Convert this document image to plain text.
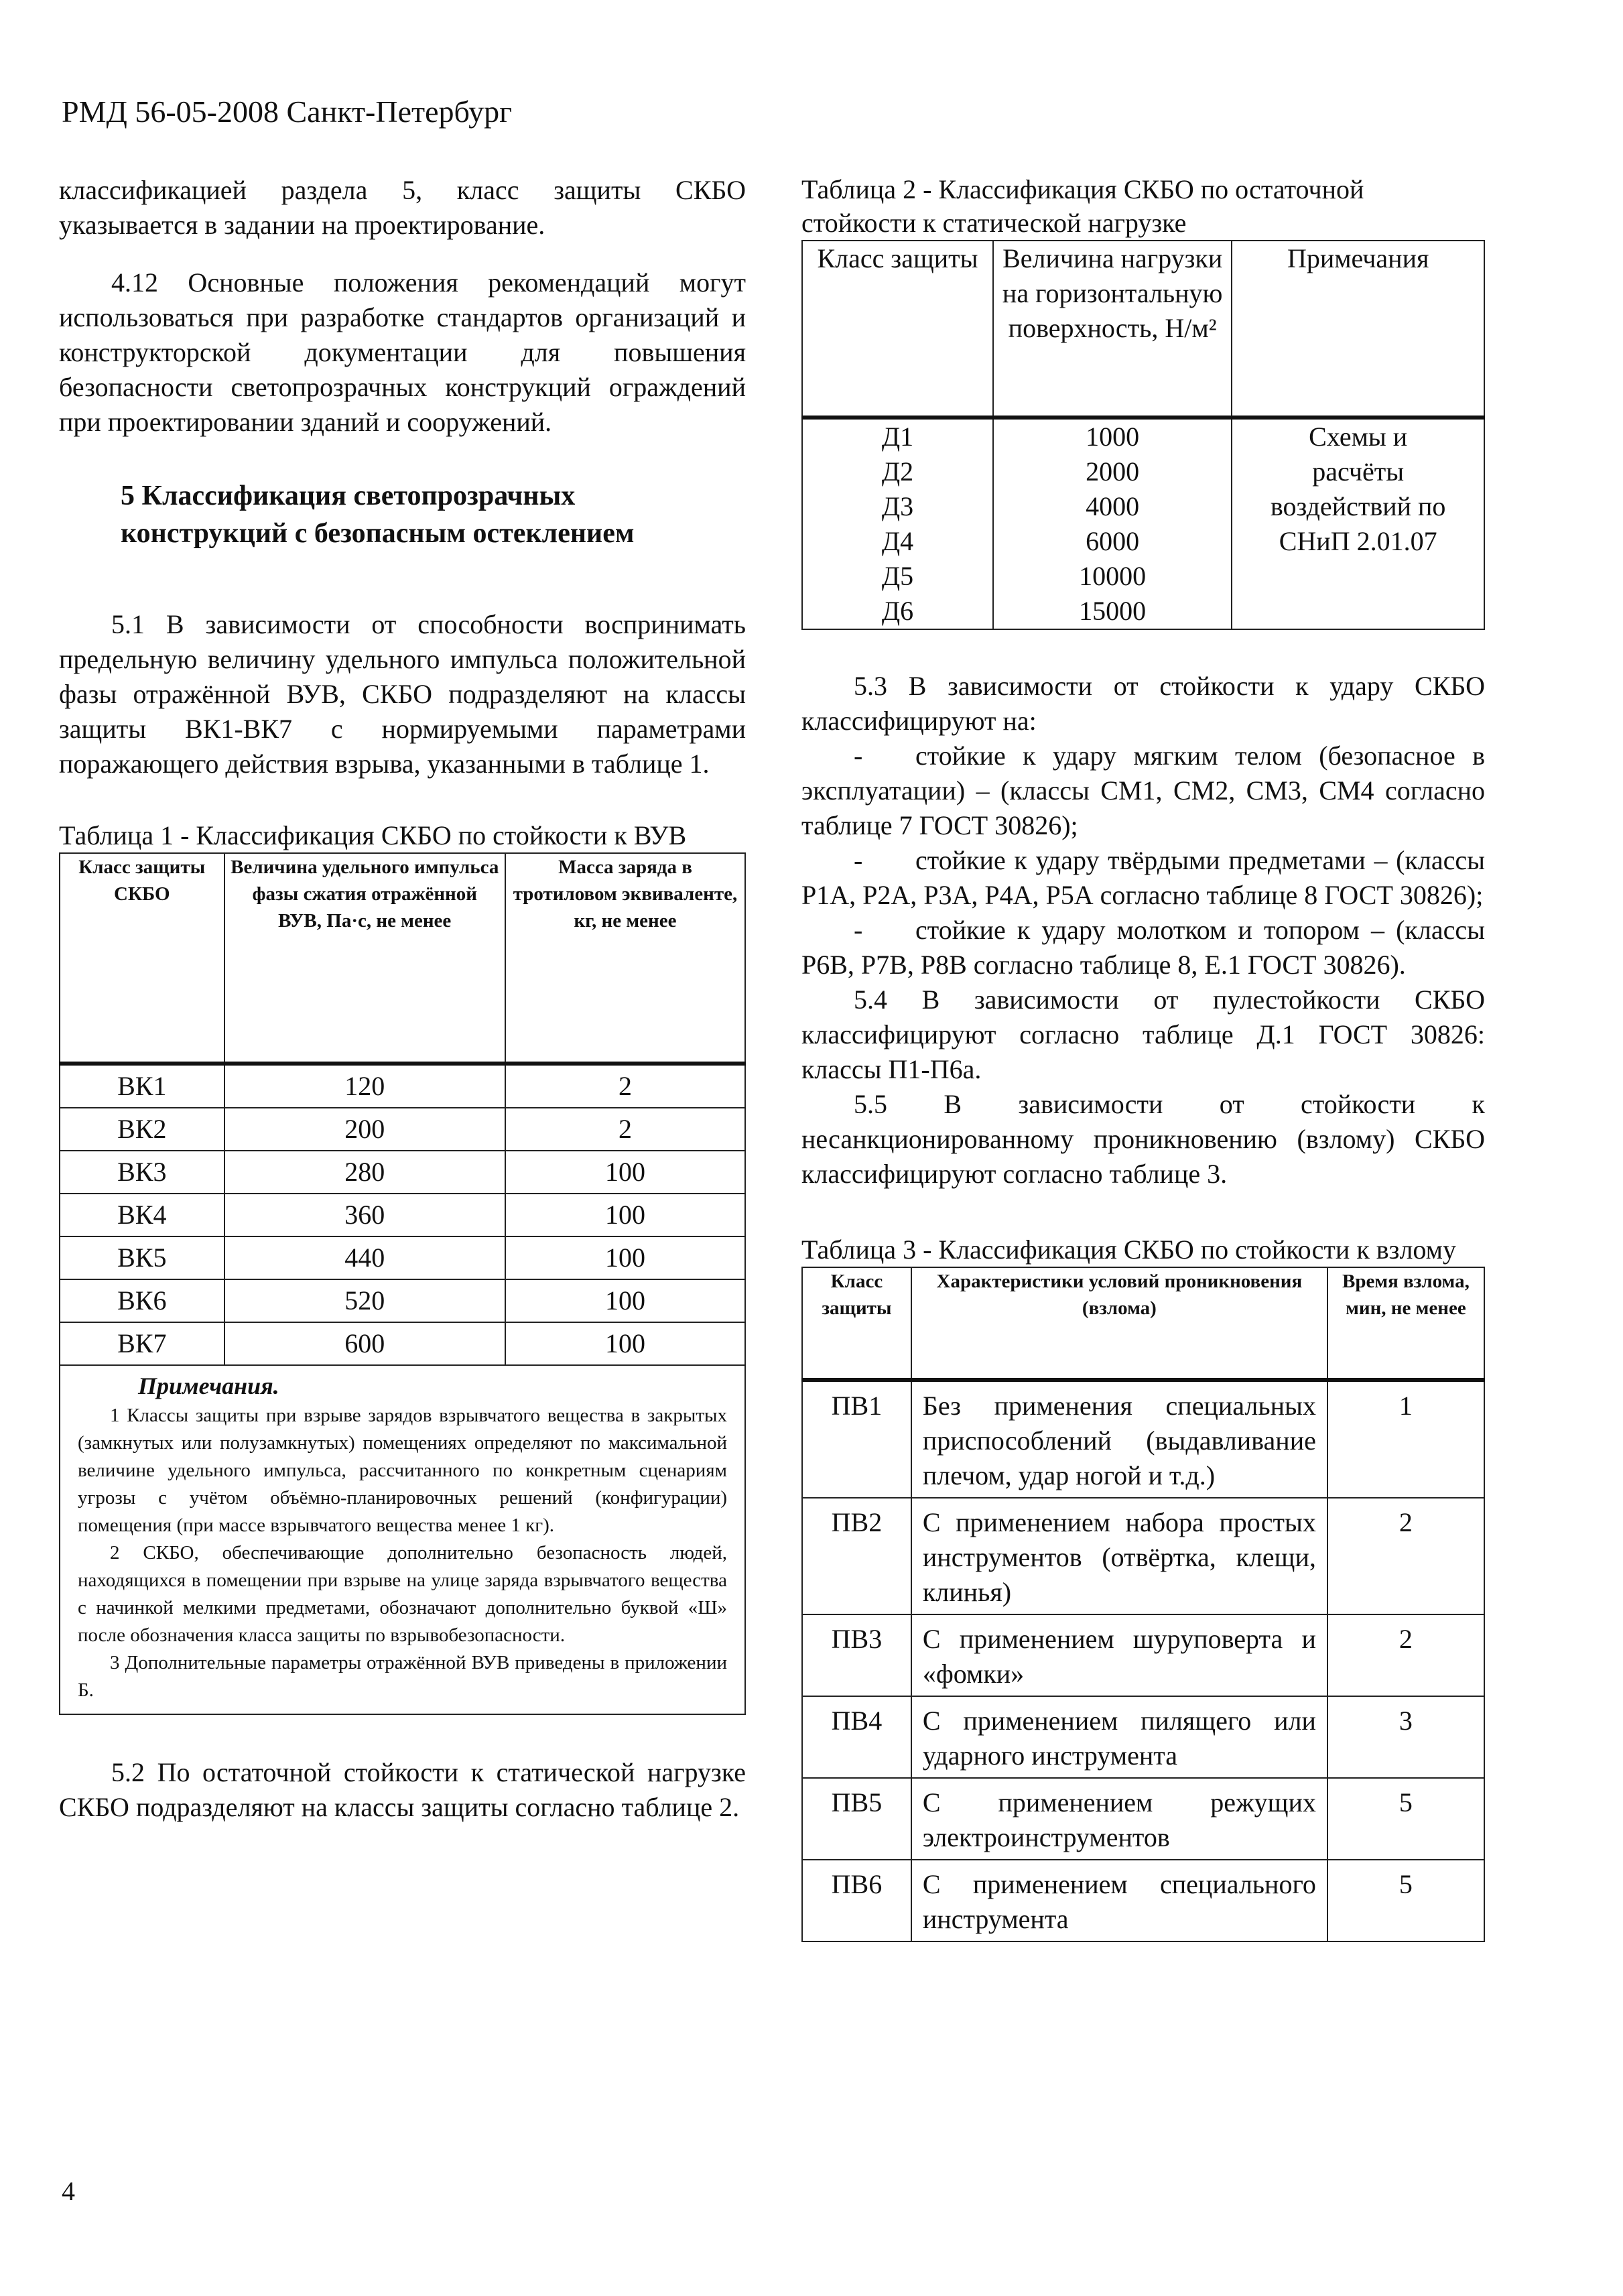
РМД 56-05-2008 Санкт-Петербург

классификацией раздела 5, класс защиты СКБО указывается в задании на проектирование.

4.12 Основные положения рекомендаций могут использоваться при разработке стандартов организаций и конструкторской документации для повышения безопасности светопрозрачных конструкций ограждений при проектировании зданий и сооружений.

5 Классификация светопрозрачных
конструкций с безопасным остеклением

5.1 В зависимости от способности воспринимать предельную величину удельного импульса положительной фазы отражённой ВУВ, СКБО подразделяют на классы защиты ВК1-ВК7 с нормируемыми параметрами поражающего действия взрыва, указанными в таблице 1.

Таблица 1 - Классификация СКБО по стойкости к ВУВ
Класс защиты СКБО	Величина удельного импульса фазы сжатия отражённой ВУВ, Па·с, не менее	Масса заряда в тротиловом эквиваленте, кг, не менее
ВК1	120	2
ВК2	200	2
ВК3	280	100
ВК4	360	100
ВК5	440	100
ВК6	520	100
ВК7	600	100

Примечания.

1 Классы защиты при взрыве зарядов взрывчатого вещества в закрытых (замкнутых или полузамкнутых) помещениях определяют по максимальной величине удельного импульса, рассчитанного по конкретным сценариям угрозы с учётом объёмно-планировочных решений (конфигурации) помещения (при массе взрывчатого вещества менее 1 кг).

2 СКБО, обеспечивающие дополнительно безопасность людей, находящихся в помещении при взрыве на улице заряда взрывчатого вещества с начинкой мелкими предметами, обозначают дополнительно буквой «Ш» после обозначения класса защиты по взрывобезопасности.

3 Дополнительные параметры отражённой ВУВ приведены в приложении Б.		

5.2 По остаточной стойкости к статической нагрузке СКБО подразделяют на классы защиты согласно таблице 2.

Таблица 2 - Классификация СКБО по остаточной стойкости к статической нагрузке
Класс защиты	Величина нагрузки на горизонтальную поверхность, Н/м²	Примечания
Д1	1000	Схемы и
Д2	2000	расчёты
Д3	4000	воздействий по
Д4	6000	СНиП 2.01.07
Д5	10000	
Д6	15000	

5.3 В зависимости от стойкости к удару СКБО классифицируют на:

- стойкие к удару мягким телом (безопасное в эксплуатации) – (классы СМ1, СМ2, СМ3, СМ4 согласно таблице 7 ГОСТ 30826);

- стойкие к удару твёрдыми предметами – (классы Р1А, Р2А, Р3А, Р4А, Р5А согласно таблице 8 ГОСТ 30826);

- стойкие к удару молотком и топором – (классы Р6В, Р7В, Р8В согласно таблице 8, Е.1 ГОСТ 30826).

5.4 В зависимости от пулестойкости СКБО классифицируют согласно таблице Д.1 ГОСТ 30826: классы П1-П6а.

5.5 В зависимости от стойкости к несанкционированному проникновению (взлому) СКБО классифицируют согласно таблице 3.

Таблица 3 - Классификация СКБО по стойкости к взлому
Класс защиты	Характеристики условий проникновения (взлома)	Время взлома, мин, не менее
ПВ1	Без применения специальных приспособлений (выдавливание плечом, удар ногой и т.д.)	1
ПВ2	С применением набора простых инструментов (отвёртка, клещи, клинья)	2
ПВ3	С применением шуруповерта и «фомки»	2
ПВ4	С применением пилящего или ударного инструмента	3
ПВ5	С применением режущих электроинструментов	5
ПВ6	С применением специального инструмента	5
4
